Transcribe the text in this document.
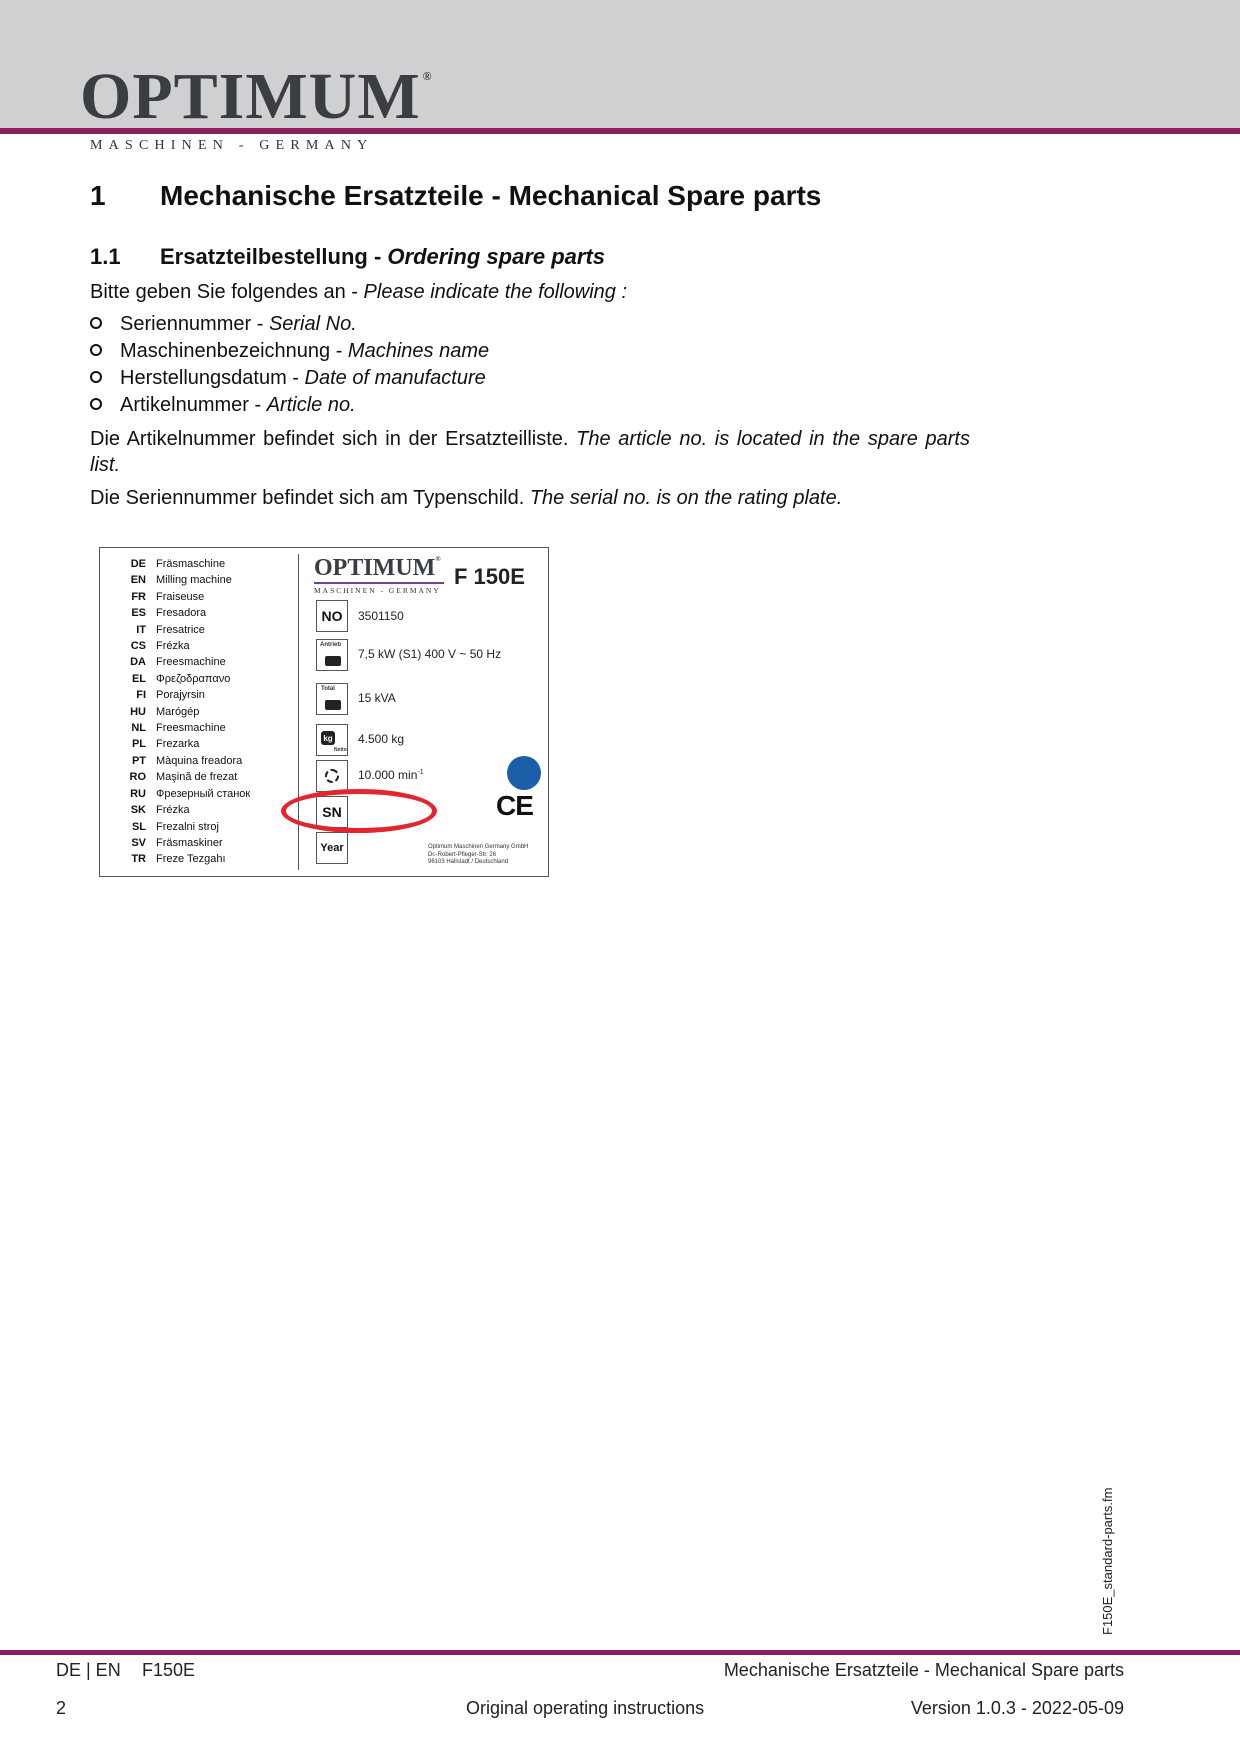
OPTIMUM ®
MASCHINEN - GERMANY
1 Mechanische Ersatzteile - Mechanical Spare parts
1.1 Ersatzteilbestellung - Ordering spare parts
Bitte geben Sie folgendes an - Please indicate the following :
Seriennummer - Serial No.
Maschinenbezeichnung - Machines name
Herstellungsdatum - Date of manufacture
Artikelnummer - Article no.
Die Artikelnummer befindet sich in der Ersatzteilliste. The article no. is located in the spare parts list.
Die Seriennummer befindet sich am Typenschild. The serial no. is on the rating plate.
DE Fräsmaschine
EN Milling machine
FR Fraiseuse
ES Fresadora
IT Fresatrice
CS Frézka
DA Freesmachine
EL Φρεζοδραπανο
FI Porajyrsin
HU Marógép
NL Freesmachine
PL Frezarka
PT Màquina freadora
RO Maşină de frezat
RU Фрезерный станок
SK Frézka
SL Frezalni stroj
SV Fräsmaskiner
TR Freze Tezgahı
OPTIMUM®
MASCHINEN - GERMANY
F 150E
NO	3501150
Antrieb
7,5 kW (S1) 400 V ~ 50 Hz
Total
15 kVA
kg
Netto
4.500 kg
10.000 $\min^{-1}$
CE
SN
Year	Optimum Maschinen Germany GmbH
Dr.-Robert-Pfleger-Str. 26
96103 Hallstadt / Deutschland
F150E_standard-parts.fm
DE | EN F150E	Mechanische Ersatzteile - Mechanical Spare parts
2	Original operating instructions	Version 1.0.3 - 2022-05-09
